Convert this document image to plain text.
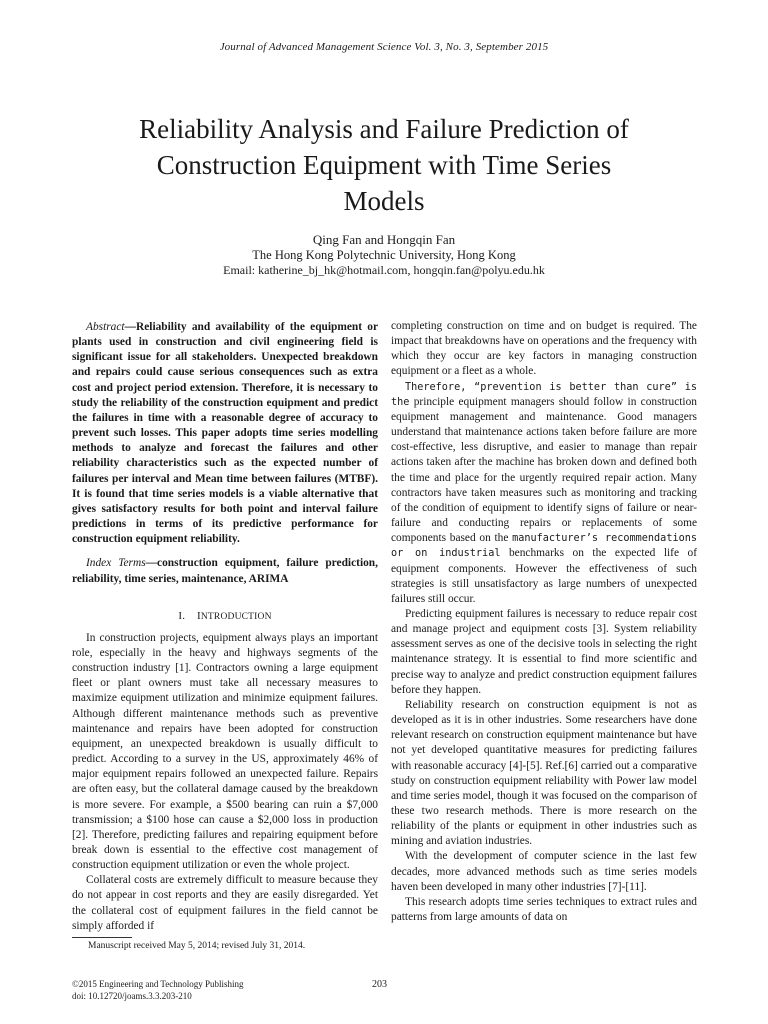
Journal of Advanced Management Science Vol. 3, No. 3, September 2015
Reliability Analysis and Failure Prediction of
Construction Equipment with Time Series
Models
Qing Fan and Hongqin Fan
The Hong Kong Polytechnic University, Hong Kong
Email: katherine_bj_hk@hotmail.com, hongqin.fan@polyu.edu.hk

Abstract—Reliability and availability of the equipment or plants used in construction and civil engineering field is significant issue for all stakeholders. Unexpected breakdown and repairs could cause serious consequences such as extra cost and project period extension. Therefore, it is necessary to study the reliability of the construction equipment and predict the failures in time with a reasonable degree of accuracy to prevent such losses. This paper adopts time series modelling methods to analyze and forecast the failures and other reliability characteristics such as the expected number of failures per interval and Mean time between failures (MTBF). It is found that time series models is a viable alternative that gives satisfactory results for both point and interval failure predictions in terms of its predictive performance for construction equipment reliability.

Index Terms—construction equipment, failure prediction, reliability, time series, maintenance, ARIMA

I. INTRODUCTION

In construction projects, equipment always plays an important role, especially in the heavy and highways segments of the construction industry [1]. Contractors owning a large equipment fleet or plant owners must take all necessary measures to maximize equipment utilization and minimize equipment failures. Although different maintenance methods such as preventive maintenance and repairs have been adopted for construction equipment, an unexpected breakdown is usually difficult to predict. According to a survey in the US, approximately 46% of major equipment repairs followed an unexpected failure. Repairs are often easy, but the collateral damage caused by the breakdown is more severe. For example, a $500 bearing can ruin a $7,000 transmission; a $100 hose can cause a $2,000 loss in production [2]. Therefore, predicting failures and repairing equipment before break down is essential to the effective cost management of construction equipment utilization or even the whole project.

Collateral costs are extremely difficult to measure because they do not appear in cost reports and they are easily disregarded. Yet the collateral cost of equipment failures in the field cannot be simply afforded if

completing construction on time and on budget is required. The impact that breakdowns have on operations and the frequency with which they occur are key factors in managing construction equipment or a fleet as a whole.

Therefore, “prevention is better than cure” is the principle equipment managers should follow in construction equipment management and maintenance. Good managers understand that maintenance actions taken before failure are more cost-effective, less disruptive, and easier to manage than repair actions taken after the machine has broken down and defined both the time and place for the urgently required repair action. Many contractors have taken measures such as monitoring and tracking of the condition of equipment to identify signs of failure or near-failure and conducting repairs or replacements of some components based on the manufacturer’s recommendations or on industrial benchmarks on the expected life of equipment components. However the effectiveness of such strategies is still unsatisfactory as large numbers of unexpected failures still occur.

Predicting equipment failures is necessary to reduce repair cost and manage project and equipment costs [3]. System reliability assessment serves as one of the decisive tools in selecting the right maintenance strategy. It is essential to find more scientific and precise way to analyze and predict construction equipment failures before they happen.

Reliability research on construction equipment is not as developed as it is in other industries. Some researchers have done relevant research on construction equipment maintenance but have not yet developed quantitative measures for predicting failures with reasonable accuracy [4]-[5]. Ref.[6] carried out a comparative study on construction equipment reliability with Power law model and time series model, though it was focused on the comparison of these two research methods. There is more research on the reliability of the plants or equipment in other industries such as mining and aviation industries.

With the development of computer science in the last few decades, more advanced methods such as time series models haven been developed in many other industries [7]-[11].

This research adopts time series techniques to extract rules and patterns from large amounts of data on

Manuscript received May 5, 2014; revised July 31, 2014.
©2015 Engineering and Technology Publishing
doi: 10.12720/joams.3.3.203-210
203
